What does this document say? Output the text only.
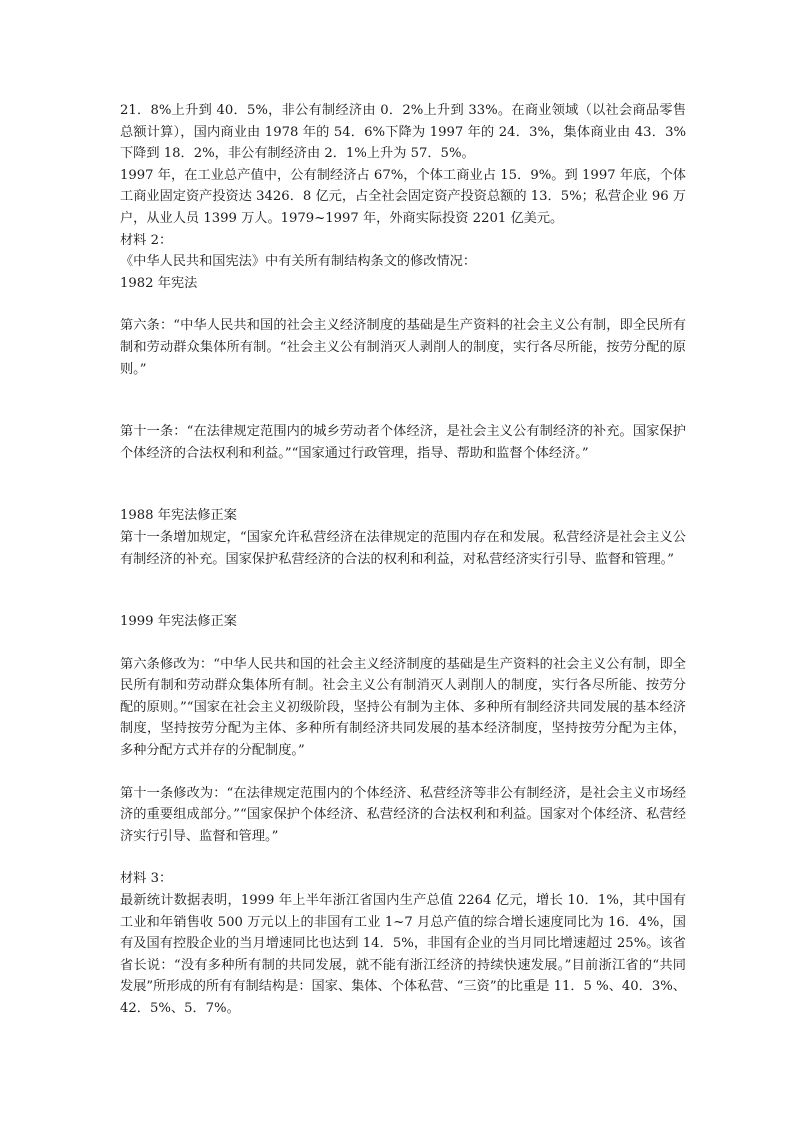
21．8%上升到 40．5%，非公有制经济由 0．2%上升到 33%。在商业领域（以社会商品零售总额计算），国内商业由 1978 年的 54．6%下降为 1997 年的 24．3%，集体商业由 43．3%下降到 18．2%，非公有制经济由 2．1%上升为 57．5%。

1997 年，在工业总产值中，公有制经济占 67%，个体工商业占 15．9%。到 1997 年底，个体工商业固定资产投资达 3426．8 亿元，占全社会固定资产投资总额的 13．5%；私营企业 96 万户，从业人员 1399 万人。1979~1997 年，外商实际投资 2201 亿美元。

材料 2：

《中华人民共和国宪法》中有关所有制结构条文的修改情况：

1982 年宪法

第六条：“中华人民共和国的社会主义经济制度的基础是生产资料的社会主义公有制，即全民所有制和劳动群众集体所有制。“社会主义公有制消灭人剥削人的制度，实行各尽所能，按劳分配的原则。”

第十一条：“在法律规定范围内的城乡劳动者个体经济，是社会主义公有制经济的补充。国家保护个体经济的合法权利和利益。”“国家通过行政管理，指导、帮助和监督个体经济。”

1988 年宪法修正案

第十一条增加规定，“国家允许私营经济在法律规定的范围内存在和发展。私营经济是社会主义公有制经济的补充。国家保护私营经济的合法的权利和利益，对私营经济实行引导、监督和管理。”

1999 年宪法修正案

第六条修改为：“中华人民共和国的社会主义经济制度的基础是生产资料的社会主义公有制，即全民所有制和劳动群众集体所有制。社会主义公有制消灭人剥削人的制度，实行各尽所能、按劳分配的原则。”“国家在社会主义初级阶段，坚持公有制为主体、多种所有制经济共同发展的基本经济制度，坚持按劳分配为主体、多种所有制经济共同发展的基本经济制度，坚持按劳分配为主体，多种分配方式并存的分配制度。”

第十一条修改为：“在法律规定范围内的个体经济、私营经济等非公有制经济，是社会主义市场经济的重要组成部分。”“国家保护个体经济、私营经济的合法权利和利益。国家对个体经济、私营经济实行引导、监督和管理。”

材料 3：

最新统计数据表明，1999 年上半年浙江省国内生产总值 2264 亿元，增长 10．1%，其中国有工业和年销售收 500 万元以上的非国有工业 1~7 月总产值的综合增长速度同比为 16．4%，国有及国有控股企业的当月增速同比也达到 14．5%，非国有企业的当月同比增速超过 25%。该省省长说：“没有多种所有制的共同发展，就不能有浙江经济的持续快速发展。”目前浙江省的“共同发展”所形成的所有有制结构是：国家、集体、个体私营、“三资”的比重是 11．5 %、40．3%、42．5%、5．7%。
